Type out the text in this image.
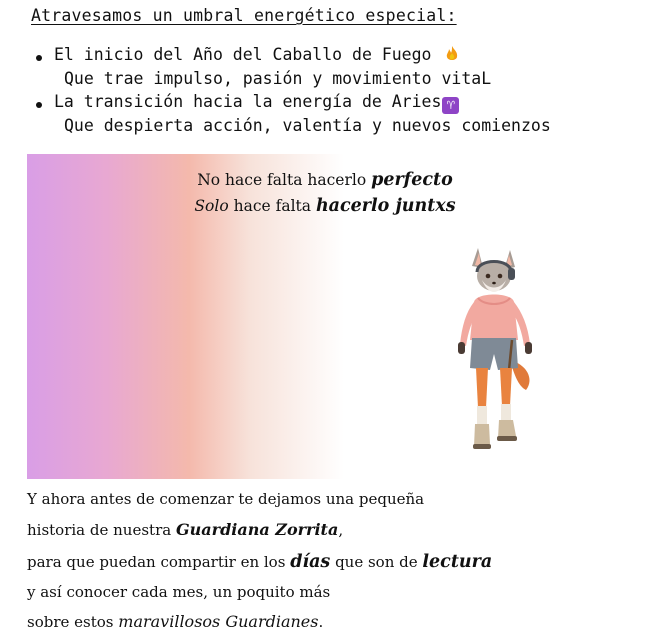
Atravesamos un umbral energético especial:
El inicio del Año del Caballo de Fuego
Que trae impulso, pasión y movimiento vitaL
La transición hacia la energía de Aries ♈
Que despierta acción, valentía y nuevos comienzos
No hace falta hacerlo perfecto
Solo hace falta hacerlo juntxs
Y ahora antes de comenzar te dejamos una pequeña
historia de nuestra Guardiana Zorrita,
para que puedan compartir en los días que son de lectura
y así conocer cada mes, un poquito más
sobre estos maravillosos Guardianes.
